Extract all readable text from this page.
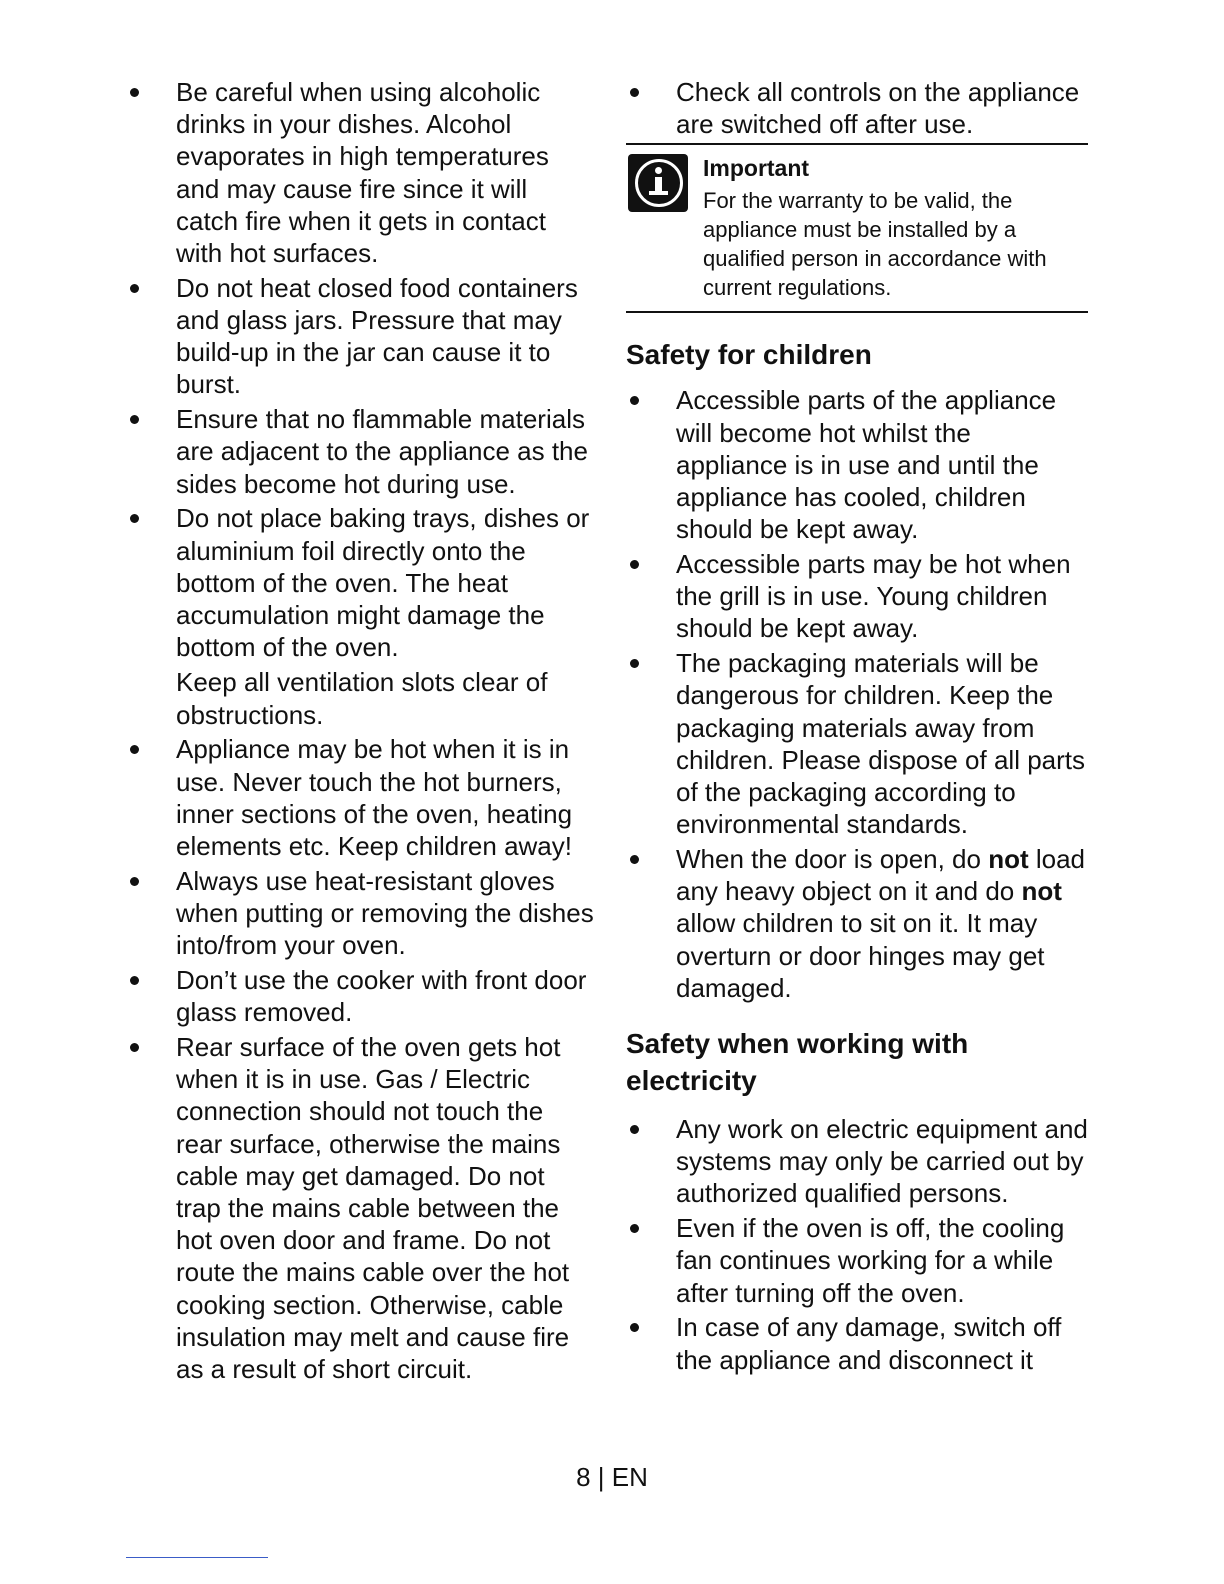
Be careful when using alcoholic drinks in your dishes. Alcohol evaporates in high temperatures and may cause fire since it will catch fire when it gets in contact with hot surfaces.
Do not heat closed food containers and glass jars. Pressure that may build-up in the jar can cause it to burst.
Ensure that no flammable materials are adjacent to the appliance as the sides become hot during use.
Do not place baking trays, dishes or aluminium foil directly onto the bottom of the oven. The heat accumulation might damage the bottom of the oven.
Keep all ventilation slots clear of obstructions.
Appliance may be hot when it is in use. Never touch the hot burners, inner sections of the oven, heating elements etc. Keep children away!
Always use heat-resistant gloves when putting or removing the dishes into/from your oven.
Don’t use the cooker with front door glass removed.
Rear surface of the oven gets hot when it is in use. Gas / Electric connection should not touch the rear surface, otherwise the mains cable may get damaged. Do not trap the mains cable between the hot oven door and frame. Do not route the mains cable over the hot cooking section. Otherwise, cable insulation may melt and cause fire as a result of short circuit.
Check all controls on the appliance are switched off after use.
Important
For the warranty to be valid, the appliance must be installed by a qualified person in accordance with current regulations.
Safety for children
Accessible parts of the appliance will become hot whilst the appliance is in use and until the appliance has cooled, children should be kept away.
Accessible parts may be hot when the grill is in use. Young children should be kept away.
The packaging materials will be dangerous for children. Keep the packaging materials away from children. Please dispose of all parts of the packaging according to environmental standards.
When the door is open, do not load any heavy object on it and do not allow children to sit on it. It may overturn or door hinges may get damaged.
Safety when working with
electricity
Any work on electric equipment and systems may only be carried out by authorized qualified persons.
Even if the oven is off, the cooling fan continues working for a while after turning off the oven.
In case of any damage, switch off the appliance and disconnect it
8 | EN
